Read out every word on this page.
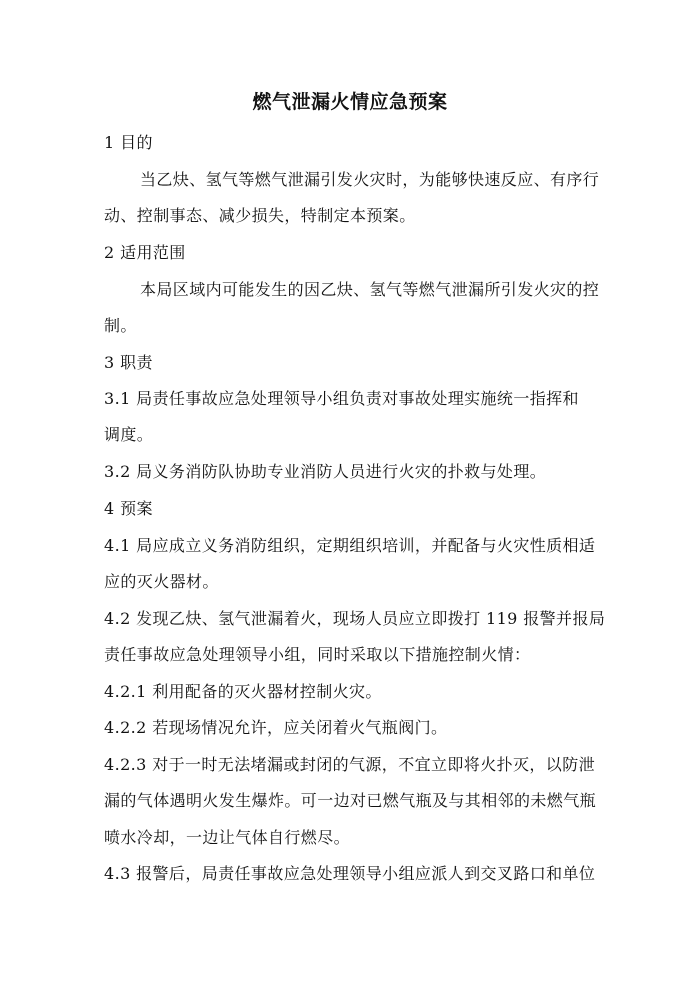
燃气泄漏火情应急预案
1 目的
当乙炔、氢气等燃气泄漏引发火灾时，为能够快速反应、有序行
动、控制事态、减少损失，特制定本预案。
2 适用范围
本局区域内可能发生的因乙炔、氢气等燃气泄漏所引发火灾的控
制。
3 职责
3.1 局责任事故应急处理领导小组负责对事故处理实施统一指挥和
调度。
3.2 局义务消防队协助专业消防人员进行火灾的扑救与处理。
4 预案
4.1 局应成立义务消防组织，定期组织培训，并配备与火灾性质相适
应的灭火器材。
4.2 发现乙炔、氢气泄漏着火，现场人员应立即拨打 119 报警并报局
责任事故应急处理领导小组，同时采取以下措施控制火情：
4.2.1 利用配备的灭火器材控制火灾。
4.2.2 若现场情况允许，应关闭着火气瓶阀门。
4.2.3 对于一时无法堵漏或封闭的气源，不宜立即将火扑灭，以防泄
漏的气体遇明火发生爆炸。可一边对已燃气瓶及与其相邻的未燃气瓶
喷水冷却，一边让气体自行燃尽。
4.3 报警后，局责任事故应急处理领导小组应派人到交叉路口和单位
